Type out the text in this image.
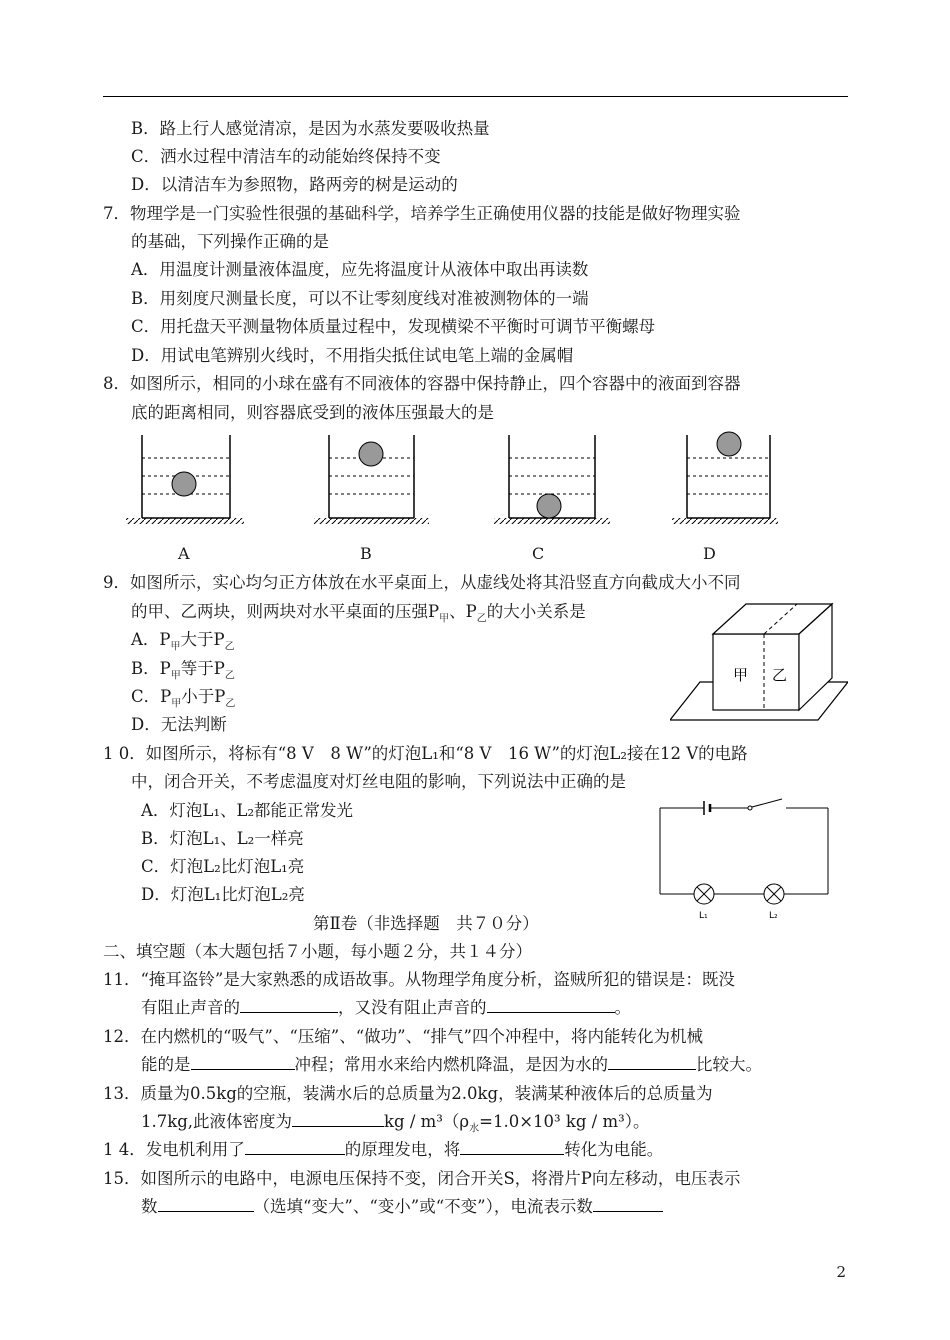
B．路上行人感觉清凉，是因为水蒸发要吸收热量
C．洒水过程中清洁车的动能始终保持不变
D．以清洁车为参照物，路两旁的树是运动的
7．物理学是一门实验性很强的基础科学，培养学生正确使用仪器的技能是做好物理实验
的基础，下列操作正确的是
A．用温度计测量液体温度，应先将温度计从液体中取出再读数
B．用刻度尺测量长度，可以不让零刻度线对准被测物体的一端
C．用托盘天平测量物体质量过程中，发现横梁不平衡时可调节平衡螺母
D．用试电笔辨别火线时，不用指尖抵住试电笔上端的金属帽
8．如图所示，相同的小球在盛有不同液体的容器中保持静止，四个容器中的液面到容器
底的距离相同，则容器底受到的液体压强最大的是
A	B	C	D
9．如图所示，实心均匀正方体放在水平桌面上，从虚线处将其沿竖直方向截成大小不同
的甲、乙两块，则两块对水平桌面的压强$P_甲$、$P_乙$的大小关系是
A．$P_甲$大于$P_乙$
B．$P_甲$等于$P_乙$
C．$P_甲$小于$P_乙$
D．无法判断
甲 乙
1 0．如图所示，将标有“8 V　8 W”的灯泡L₁和“8 V　16 W”的灯泡L₂接在12 V的电路
中，闭合开关，不考虑温度对灯丝电阻的影响，下列说法中正确的是
A．灯泡L₁、L₂都能正常发光
B．灯泡L₁、L₂一样亮
C．灯泡L₂比灯泡L₁亮
D．灯泡L₁比灯泡L₂亮
L₁	L₂
第Ⅱ卷（非选择题　共７０分）
二、填空题（本大题包括７小题，每小题２分，共１４分）
11．“掩耳盗铃”是大家熟悉的成语故事。从物理学角度分析，盗贼所犯的错误是：既没
有阻止声音的	，又没有阻止声音的	。
12．在内燃机的“吸气”、“压缩”、“做功”、“排气”四个冲程中，将内能转化为机械
能的是	冲程；常用水来给内燃机降温，是因为水的	比较大。
13．质量为0.5kg的空瓶，装满水后的总质量为2.0kg，装满某种液体后的总质量为
1.7kg,此液体密度为	kg / $m^3(\rho_水=1.0\times 10^3$ kg / m³）。
1 4．发电机利用了	的原理发电，将	转化为电能。
15．如图所示的电路中，电源电压保持不变，闭合开关S，将滑片P向左移动，电压表示
数	（选填“变大”、“变小”或“不变”），电流表示数
2
